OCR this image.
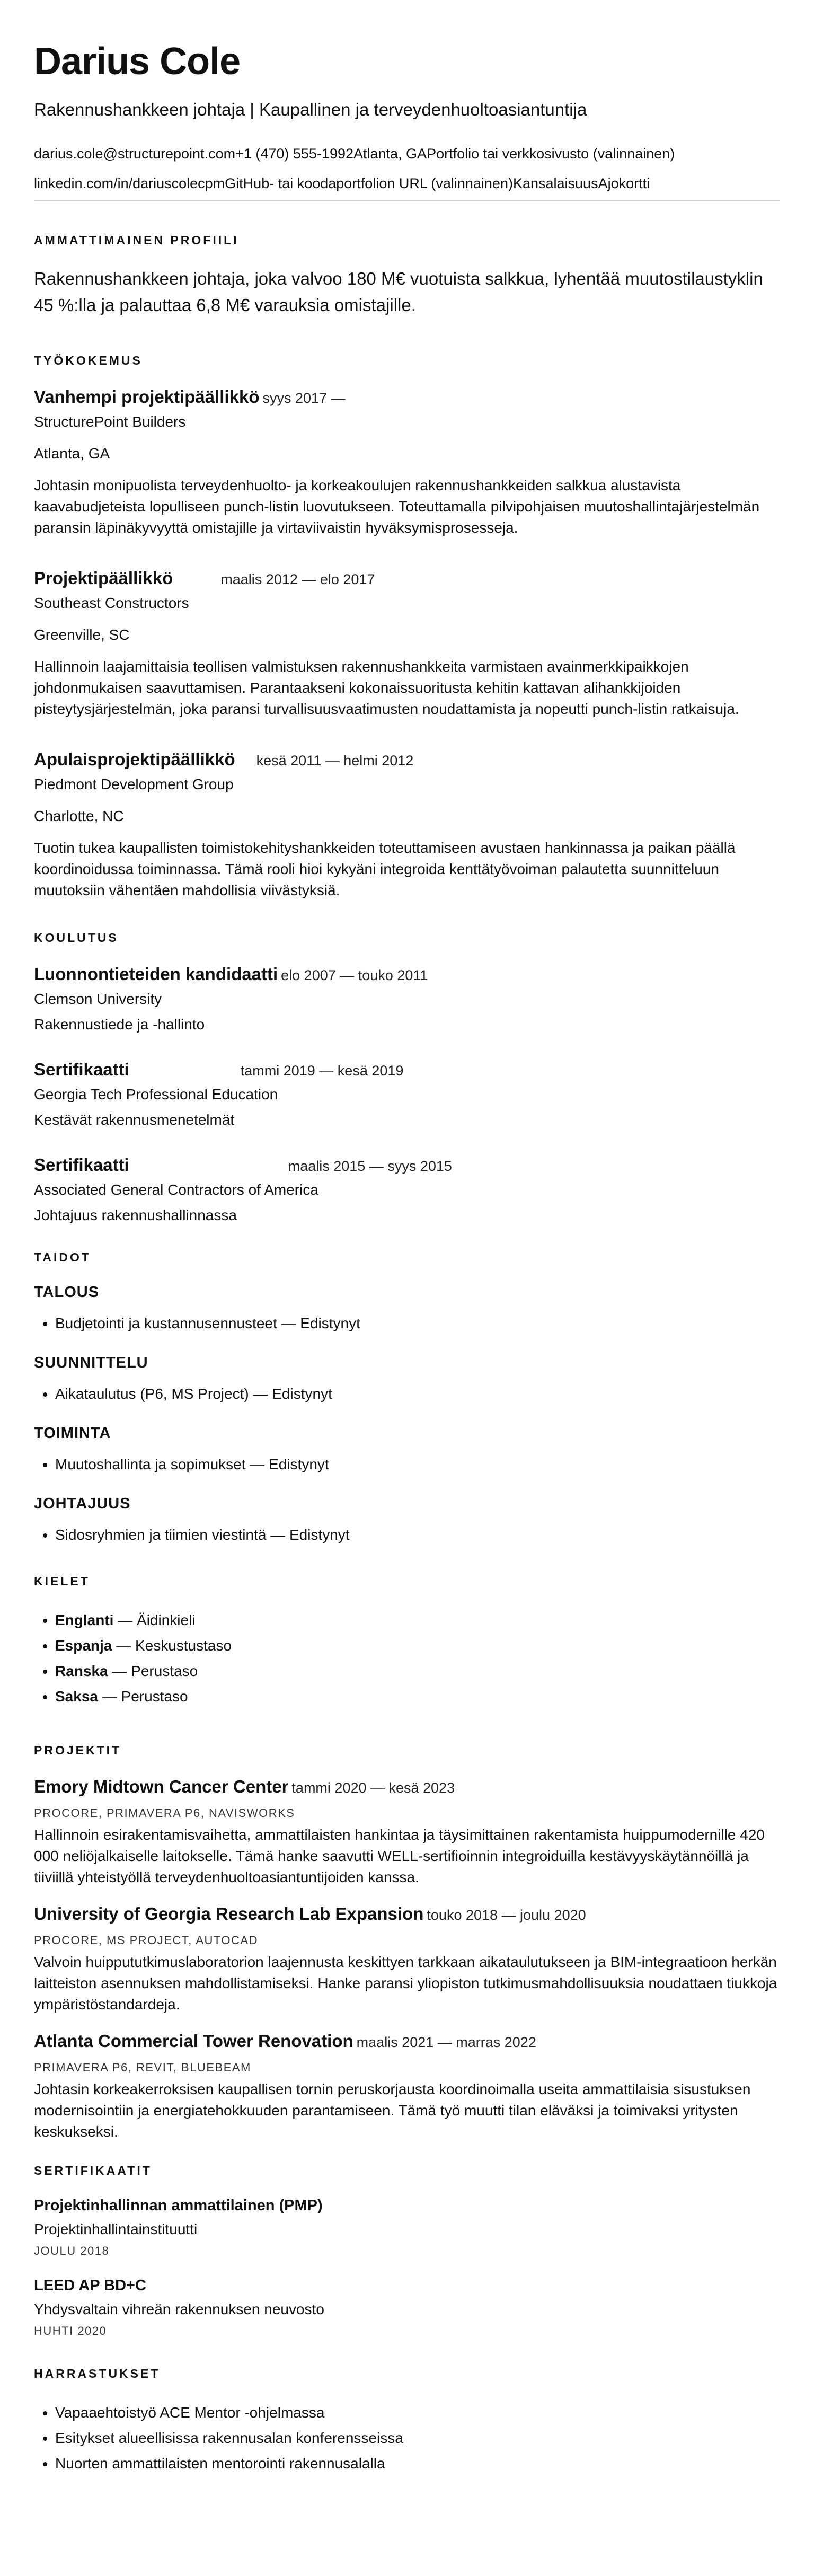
Darius Cole
Rakennushankkeen johtaja | Kaupallinen ja terveydenhuoltoasiantuntija
darius.cole@structurepoint.com+1 (470) 555-1992Atlanta, GAPortfolio tai verkkosivusto (valinnainen)
linkedin.com/in/dariuscolecpmGitHub- tai koodaportfolion URL (valinnainen)KansalaisuusAjokortti
AMMATTIMAINEN PROFIILI
Rakennushankkeen johtaja, joka valvoo 180 M€ vuotuista salkkua, lyhentää muutostilaustyklin 45 %:lla ja palauttaa 6,8 M€ varauksia omistajille.
TYÖKOKEMUS
Vanhempi projektipäällikkö syys 2017 —
StructurePoint Builders
Atlanta, GA
Johtasin monipuolista terveydenhuolto- ja korkeakoulujen rakennushankkeiden salkkua alustavista kaavabudjeteista lopulliseen punch-listin luovutukseen. Toteuttamalla pilvipohjaisen muutoshallintajärjestelmän paransin läpinäkyvyyttä omistajille ja virtaviivaistin hyväksymisprosesseja.
Projektipäällikkö	maalis 2012 — elo 2017
Southeast Constructors
Greenville, SC
Hallinnoin laajamittaisia teollisen valmistuksen rakennushankkeita varmistaen avainmerkkipaikkojen johdonmukaisen saavuttamisen. Parantaakseni kokonaissuoritusta kehitin kattavan alihankkijoiden pisteytysjärjestelmän, joka paransi turvallisuusvaatimusten noudattamista ja nopeutti punch-listin ratkaisuja.
Apulaisprojektipäällikkö kesä 2011 — helmi 2012
Piedmont Development Group
Charlotte, NC
Tuotin tukea kaupallisten toimistokehityshankkeiden toteuttamiseen avustaen hankinnassa ja paikan päällä koordinoidussa toiminnassa. Tämä rooli hioi kykyäni integroida kenttätyövoiman palautetta suunnitteluun muutoksiin vähentäen mahdollisia viivästyksiä.
KOULUTUS
Luonnontieteiden kandidaatti elo 2007 — touko 2011
Clemson University
Rakennustiede ja -hallinto
Sertifikaatti	tammi 2019 — kesä 2019
Georgia Tech Professional Education
Kestävät rakennusmenetelmät
Sertifikaatti	maalis 2015 — syys 2015
Associated General Contractors of America
Johtajuus rakennushallinnassa
TAIDOT
TALOUS
• Budjetointi ja kustannusennusteet — Edistynyt
SUUNNITTELU
• Aikataulutus (P6, MS Project) — Edistynyt
TOIMINTA
• Muutoshallinta ja sopimukset — Edistynyt
JOHTAJUUS
• Sidosryhmien ja tiimien viestintä — Edistynyt
KIELET
• Englanti — Äidinkieli
• Espanja — Keskustustaso
• Ranska — Perustaso
• Saksa — Perustaso
PROJEKTIT
Emory Midtown Cancer Center tammi 2020 — kesä 2023
PROCORE, PRIMAVERA P6, NAVISWORKS
Hallinnoin esirakentamisvaihetta, ammattilaisten hankintaa ja täysimittainen rakentamista huippumodernille 420 000 neliöjalkaiselle laitokselle. Tämä hanke saavutti WELL-sertifioinnin integroiduilla kestävyyskäytännöillä ja tiiviillä yhteistyöllä terveydenhuoltoasiantuntijoiden kanssa.
University of Georgia Research Lab Expansion touko 2018 — joulu 2020
PROCORE, MS PROJECT, AUTOCAD
Valvoin huippututkimuslaboratorion laajennusta keskittyen tarkkaan aikataulutukseen ja BIM-integraatioon herkän laitteiston asennuksen mahdollistamiseksi. Hanke paransi yliopiston tutkimusmahdollisuuksia noudattaen tiukkoja ympäristöstandardeja.
Atlanta Commercial Tower Renovation maalis 2021 — marras 2022
PRIMAVERA P6, REVIT, BLUEBEAM
Johtasin korkeakerroksisen kaupallisen tornin peruskorjausta koordinoimalla useita ammattilaisia sisustuksen modernisointiin ja energiatehokkuuden parantamiseen. Tämä työ muutti tilan eläväksi ja toimivaksi yritysten keskukseksi.
SERTIFIKAATIT
Projektinhallinnan ammattilainen (PMP)
Projektinhallintainstituutti
JOULU 2018
LEED AP BD+C
Yhdysvaltain vihreän rakennuksen neuvosto
HUHTI 2020
HARRASTUKSET
• Vapaaehtoistyö ACE Mentor -ohjelmassa
• Esitykset alueellisissa rakennusalan konferensseissa
• Nuorten ammattilaisten mentorointi rakennusalalla
